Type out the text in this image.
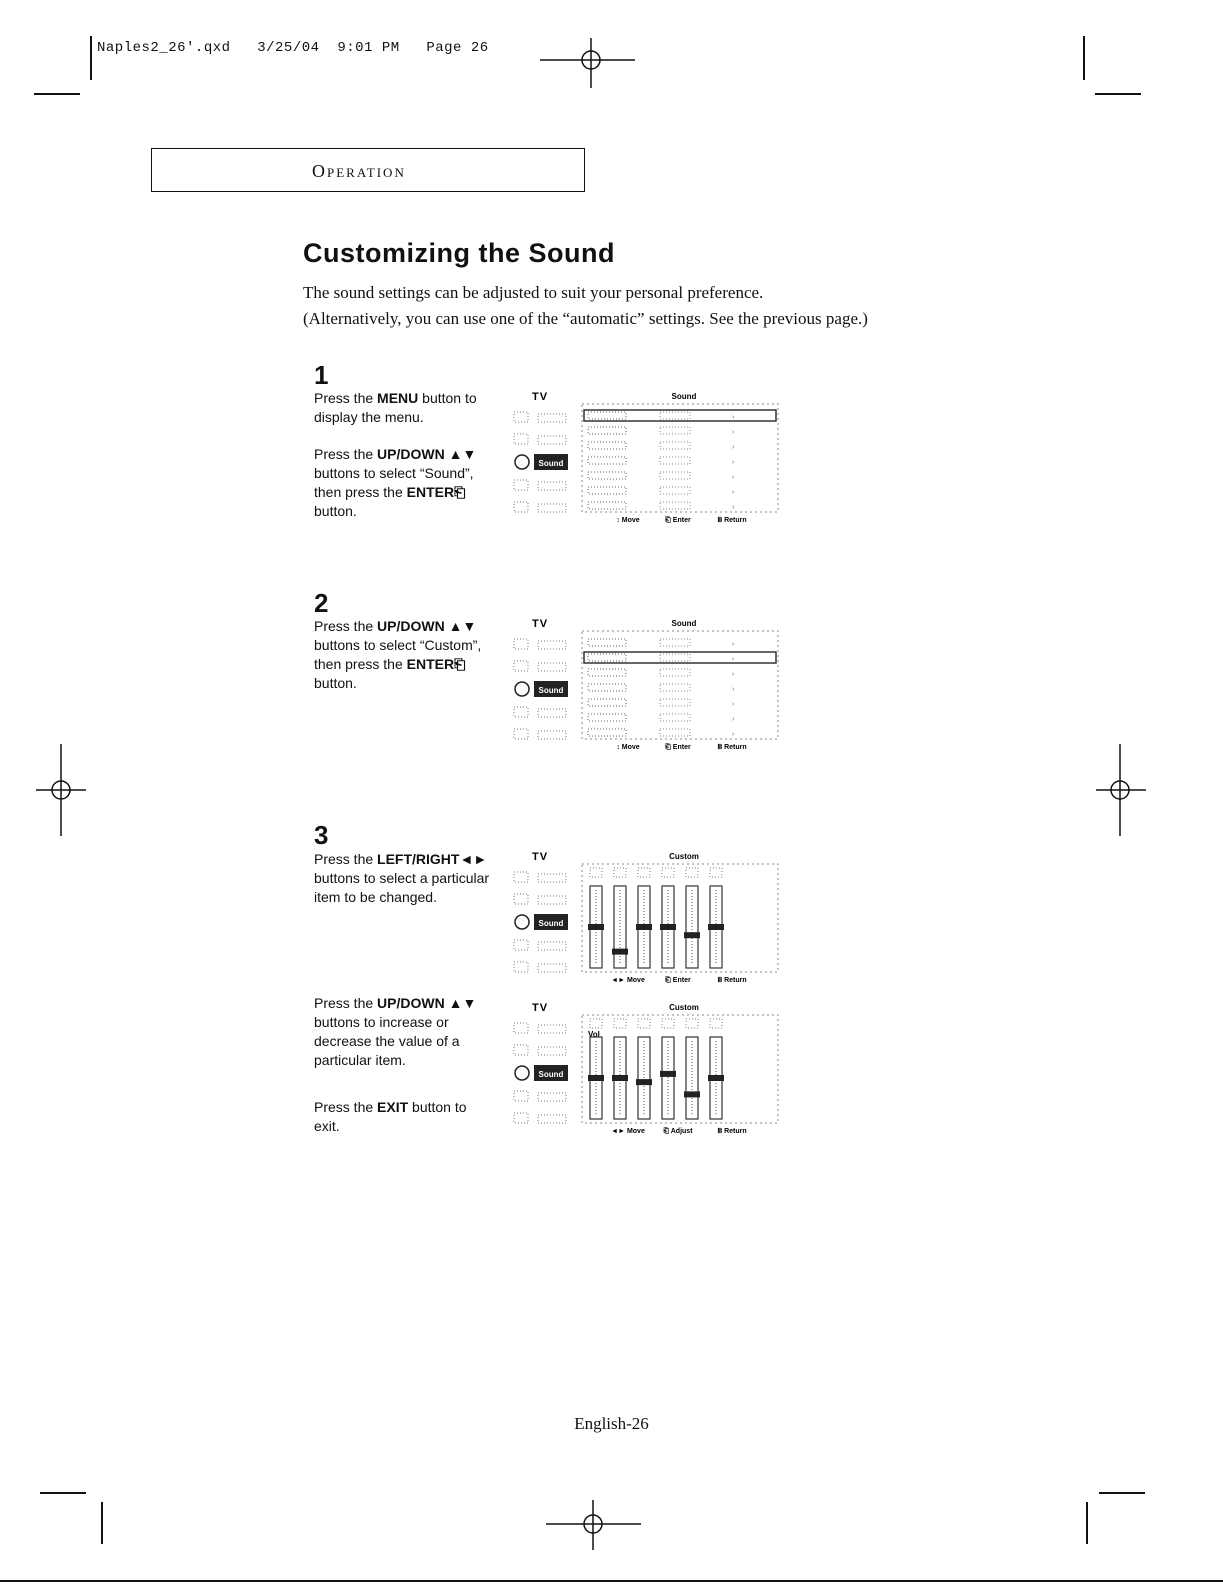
Naples2_26'.qxd   3/25/04  9:01 PM   Page 26
Operation
Customizing the Sound
The sound settings can be adjusted to suit your personal preference.
(Alternatively, you can use one of the “automatic” settings. See the previous page.)
1
Press the MENU button to display the menu.
Press the UP/DOWN ▲▼ buttons to select “Sound”, then press the ENTER⎗ button.
2
Press the UP/DOWN ▲▼ buttons to select “Custom”, then press the ENTER⎗ button.
3
Press the LEFT/RIGHT◄► buttons to select a particular item to be changed.
Press the UP/DOWN ▲▼ buttons to increase or decrease the value of a particular item.
Press the EXIT button to exit.
TV	Sound
Sound
›
›
›
›
›
›
›
↕ Move	⎗ Enter	Ⅲ Return
TV	Sound
Sound
›
›
›
›
›
›
›
↕ Move	⎗ Enter	Ⅲ Return
TV	Custom
Sound
◄► Move	⎗ Enter	Ⅲ Return
TV	Custom
Sound
Vol
◄► Move	⎗ Adjust	Ⅲ Return
English-26
